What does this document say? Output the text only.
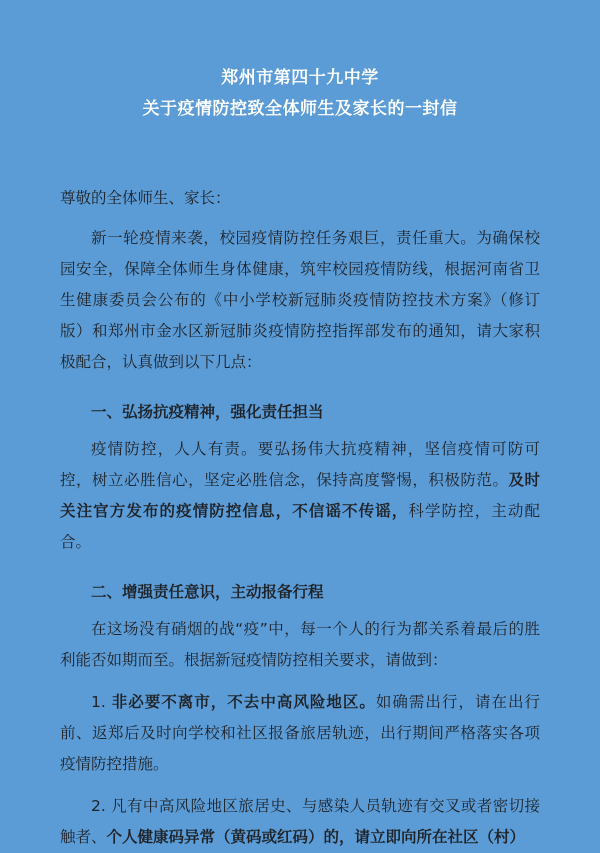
郑州市第四十九中学
关于疫情防控致全体师生及家长的一封信

尊敬的全体师生、家长：

新一轮疫情来袭，校园疫情防控任务艰巨，责任重大。为确保校园安全，保障全体师生身体健康，筑牢校园疫情防线，根据河南省卫生健康委员会公布的《中小学校新冠肺炎疫情防控技术方案》（修订版）和郑州市金水区新冠肺炎疫情防控指挥部发布的通知，请大家积极配合，认真做到以下几点：

一、弘扬抗疫精神，强化责任担当

疫情防控，人人有责。要弘扬伟大抗疫精神，坚信疫情可防可控，树立必胜信心，坚定必胜信念，保持高度警惕，积极防范。及时关注官方发布的疫情防控信息，不信谣不传谣，科学防控，主动配合。

二、增强责任意识，主动报备行程

在这场没有硝烟的战“疫”中，每一个人的行为都关系着最后的胜利能否如期而至。根据新冠疫情防控相关要求，请做到：

1. 非必要不离市，不去中高风险地区。如确需出行，请在出行前、返郑后及时向学校和社区报备旅居轨迹，出行期间严格落实各项疫情防控措施。

2. 凡有中高风险地区旅居史、与感染人员轨迹有交叉或者密切接触者、个人健康码异常（黄码或红码）的，请立即向所在社区（村）
